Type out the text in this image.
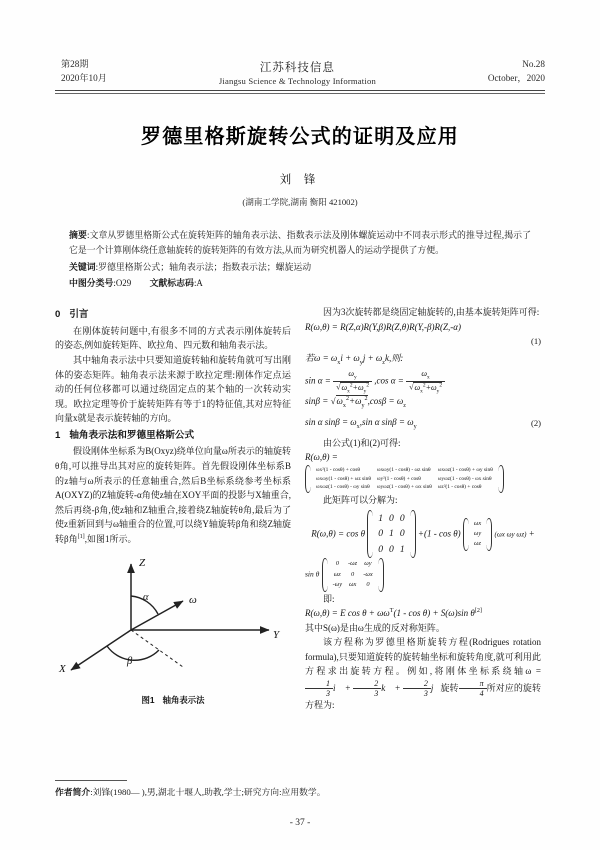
第28期
2020年10月
江苏科技信息
Jiangsu Science & Technology Information
No.28
October，2020
罗德里格斯旋转公式的证明及应用
刘 锋
(湖南工学院,湖南 衡阳 421002)
摘要:文章从罗德里格斯公式在旋转矩阵的轴角表示法、指数表示法及刚体螺旋运动中不同表示形式的推导过程,揭示了它是一个计算刚体绕任意轴旋转的旋转矩阵的有效方法,从而为研究机器人的运动学提供了方便。
关键词:罗德里格斯公式；轴角表示法；指数表示法；螺旋运动
中图分类号:O29 文献标志码:A
0 引言

在刚体旋转问题中,有很多不同的方式表示刚体旋转后的姿态,例如旋转矩阵、欧拉角、四元数和轴角表示法。

其中轴角表示法中只要知道旋转轴和旋转角就可写出刚体的姿态矩阵。轴角表示法来源于欧拉定理:刚体作定点运动的任何位移都可以通过绕固定点的某个轴的一次转动实现。欧拉定理等价于旋转矩阵有等于1的特征值,其对应特征向量x就是表示旋转轴的方向。

1 轴角表示法和罗德里格斯公式

假设刚体坐标系为B(Oxyz)绕单位向量ω所表示的轴旋转θ角,可以推导出其对应的旋转矩阵。首先假设刚体坐标系B的z轴与ω所表示的任意轴重合,然后B坐标系绕参考坐标系A(OXYZ)的Z轴旋转-α角使z轴在XOY平面的投影与X轴重合,然后再绕-β角,使z轴和Z轴重合,接着绕Z轴旋转θ角,最后为了使z重新回到与ω轴重合的位置,可以绕Y轴旋转β角和绕Z轴旋转β角[1],如图1所示。

Z
Y
X
ω⃗
α
β
图1 轴角表示法

因为3次旋转都是绕固定轴旋转的,由基本旋转矩阵可得:

R(ω,θ) = R(Z,α)R(Y,β)R(Z,θ)R(Y,-β)R(Z,-α)
(1)
若$\omega = \omega_xi + \omega_yj + \omega_zk$,则:
$\sin \alpha = \frac{\omega_y}{√\omega_x^2+\omega_y^2} ,\cos$ $\alpha = \frac{\omega_x}{√\omega_x^2+\omega_y^2}$
$\sin\beta = √\omega_x^2+\omega_y^2,\cos\beta = \omega_z$
sin α $\sin\beta = \omega_x,\sin$ α $\sin\beta = \omega_y$	(2)

由公式(1)和(2)可得:

R(ω,θ) =
ωx²(1 - cosθ) + cosθ	ωxωy(1 - cosθ) - ωz sinθ	ωxωz(1 - cosθ) + ωy sinθ
ωxωy(1 - cosθ) + ωz sinθ	ωy²(1 - cosθ) + cosθ	ωyωz(1 - cosθ) - ωx sinθ
ωxωz(1 - cosθ) - ωy sinθ	ωyωz(1 - cosθ) + ωx sinθ	ωz²(1 - cosθ) + cosθ

此矩阵可以分解为:

R(ω,θ) = cos θ
1 0 0
0 1 0
0 0 1
+(1 - cos θ)
ωx
ωy
ωz
(ωx ωy ωz) +
sin θ
0	-ωz	ωy
ωz	0	-ωx
-ωy	ωx	0

即:

R(ω,θ) = E $\cos \theta + \omega\omega^T(1 - \cos \theta) + S(\omega)\sin$ θ[2]

其中S(ω)是由ω生成的反对称矩阵。

该方程称为罗德里格斯旋转方程(Rodrigues rotation formula),只要知道旋转的旋转轴坐标和旋转角度,就可利用此方程求出旋转方程。例如,将刚体坐标系绕轴ω =
$\frac{1}{3}$ i⃗ + $\frac{2}{3}$ k⃗ + $\frac{2}{3}$ j⃗旋转 $\frac{\pi}{4}$ 所对应的旋转方程为:

作者简介:刘锋(1980— ),男,湖北十堰人,助教,学士;研究方向:应用数学。
- 37 -
